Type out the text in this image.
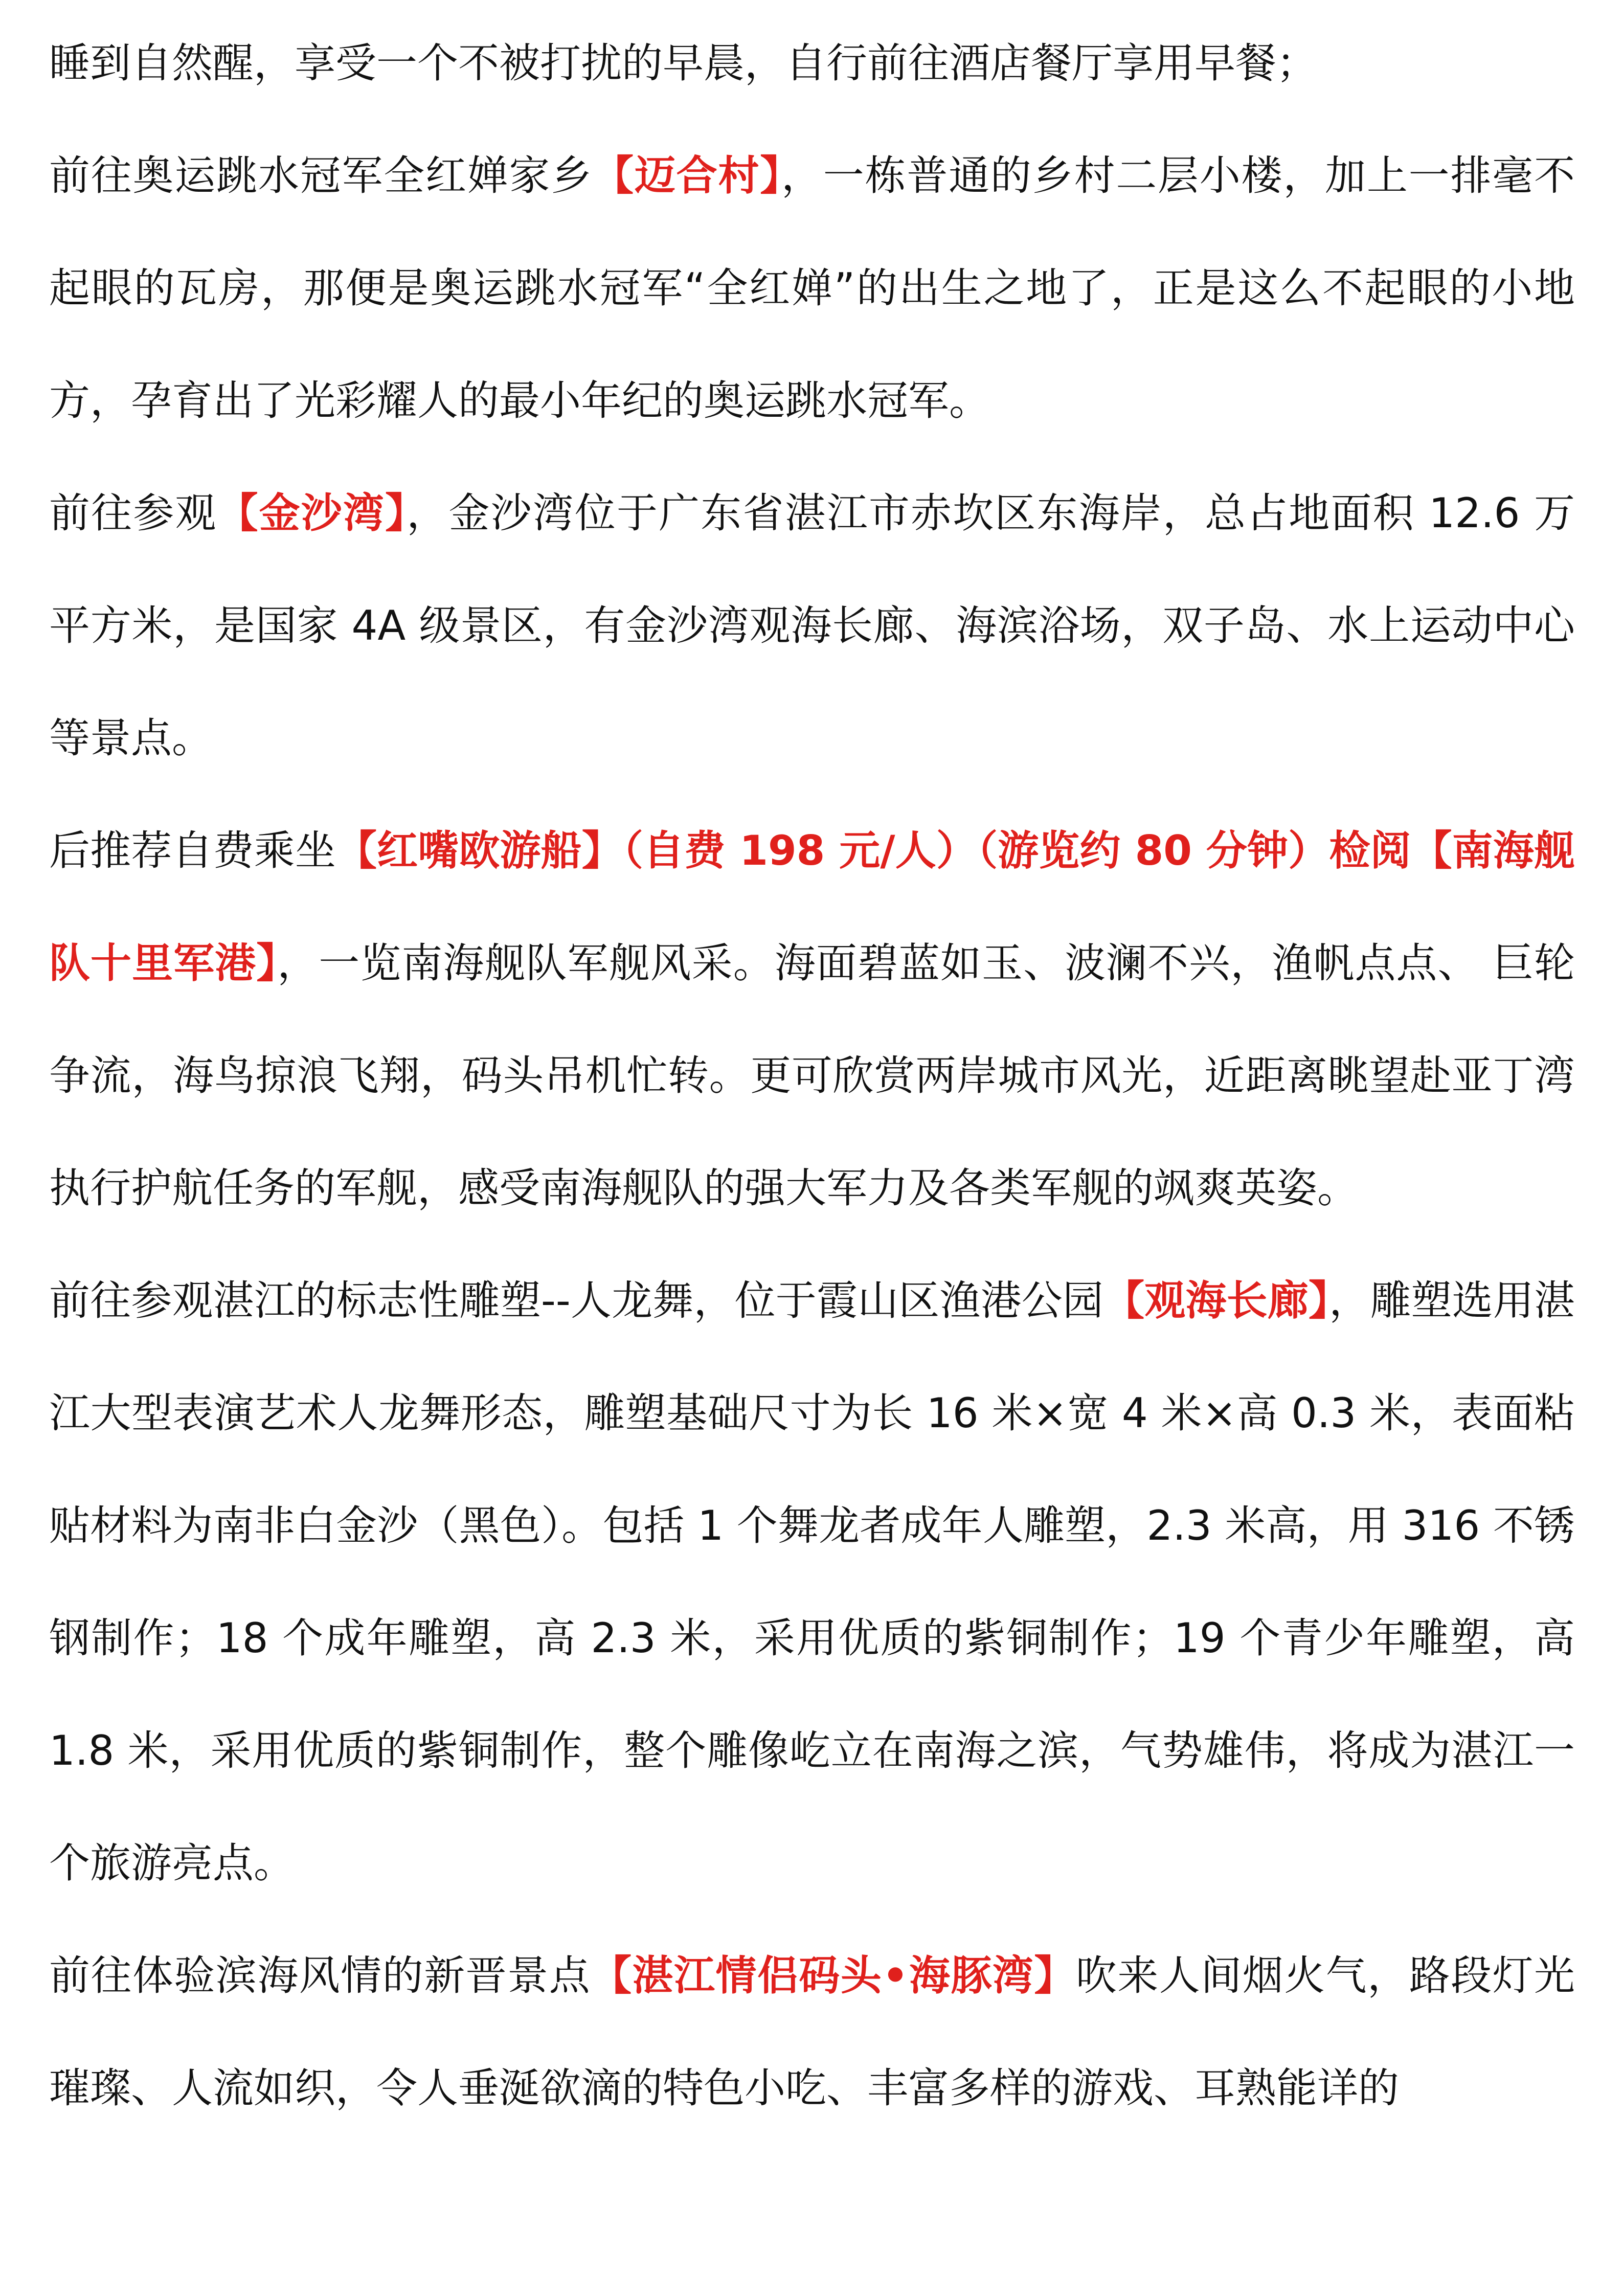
睡到自然醒，享受一个不被打扰的早晨，自行前往酒店餐厅享用早餐；

前往奥运跳水冠军全红婵家乡【迈合村】，一栋普通的乡村二层小楼，加上一排毫不起眼的瓦房，那便是奥运跳水冠军“全红婵”的出生之地了，正是这么不起眼的小地方，孕育出了光彩耀人的最小年纪的奥运跳水冠军。

前往参观【金沙湾】，金沙湾位于广东省湛江市赤坎区东海岸，总占地面积 12.6 万平方米，是国家 4A 级景区，有金沙湾观海长廊、海滨浴场，双子岛、水上运动中心等景点。

后推荐自费乘坐【红嘴欧游船】（自费 198 元/人）（游览约 80 分钟）检阅【南海舰队十里军港】，一览南海舰队军舰风采。海面碧蓝如玉、波澜不兴，渔帆点点、 巨轮争流，海鸟掠浪飞翔，码头吊机忙转。更可欣赏两岸城市风光，近距离眺望赴亚丁湾执行护航任务的军舰，感受南海舰队的强大军力及各类军舰的飒爽英姿。

前往参观湛江的标志性雕塑--人龙舞，位于霞山区渔港公园【观海长廊】，雕塑选用湛江大型表演艺术人龙舞形态，雕塑基础尺寸为长 16 米×宽 4 米×高 0.3 米，表面粘贴材料为南非白金沙（黑色）。包括 1 个舞龙者成年人雕塑，2.3 米高，用 316 不锈钢制作；18 个成年雕塑，高 2.3 米，采用优质的紫铜制作；19 个青少年雕塑，高 1.8 米，采用优质的紫铜制作，整个雕像屹立在南海之滨，气势雄伟，将成为湛江一个旅游亮点。

前往体验滨海风情的新晋景点【湛江情侣码头•海豚湾】吹来人间烟火气，路段灯光璀璨、人流如织，令人垂涎欲滴的特色小吃、丰富多样的游戏、耳熟能详的
